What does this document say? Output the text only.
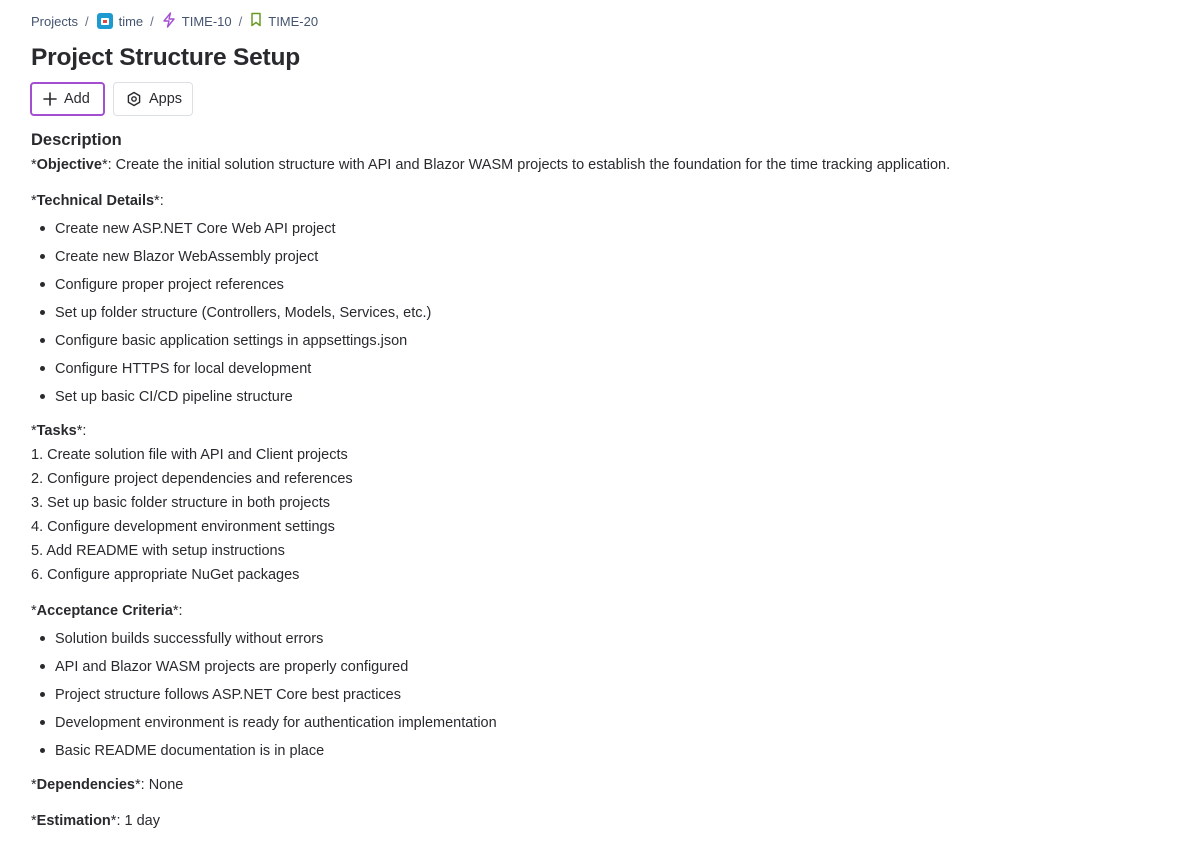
Projects / time / TIME-10 / TIME-20
Project Structure Setup
Add	Apps
Description
*Objective*: Create the initial solution structure with API and Blazor WASM projects to establish the foundation for the time tracking application.
*Technical Details*:
Create new ASP.NET Core Web API project
Create new Blazor WebAssembly project
Configure proper project references
Set up folder structure (Controllers, Models, Services, etc.)
Configure basic application settings in appsettings.json
Configure HTTPS for local development
Set up basic CI/CD pipeline structure
*Tasks*:
1. Create solution file with API and Client projects
2. Configure project dependencies and references
3. Set up basic folder structure in both projects
4. Configure development environment settings
5. Add README with setup instructions
6. Configure appropriate NuGet packages
*Acceptance Criteria*:
Solution builds successfully without errors
API and Blazor WASM projects are properly configured
Project structure follows ASP.NET Core best practices
Development environment is ready for authentication implementation
Basic README documentation is in place
*Dependencies*: None
*Estimation*: 1 day
